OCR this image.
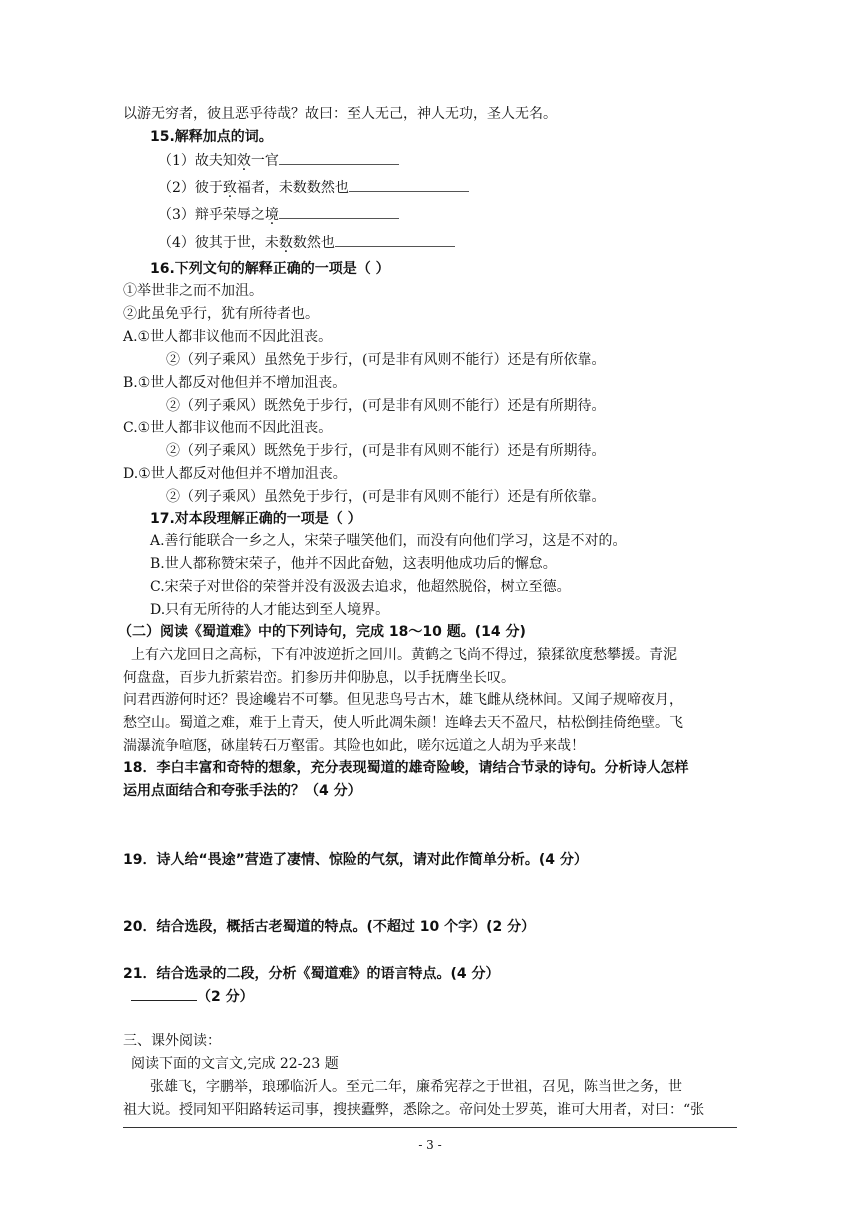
以游无穷者，彼且恶乎待哉？故曰：至人无己，神人无功，圣人无名。
15.解释加点的词。
（1）故夫知效一官
（2）彼于致福者，未数数然也
（3）辩乎荣辱之境
（4）彼其于世，未数数然也
16.下列文句的解释正确的一项是（ ）
①举世非之而不加沮。
②此虽免乎行，犹有所待者也。
A.①世人都非议他而不因此沮丧。
②（列子乘风）虽然免于步行，(可是非有风则不能行）还是有所依靠。
B.①世人都反对他但并不增加沮丧。
②（列子乘风）既然免于步行，(可是非有风则不能行）还是有所期待。
C.①世人都非议他而不因此沮丧。
②（列子乘风）既然免于步行，(可是非有风则不能行）还是有所期待。
D.①世人都反对他但并不增加沮丧。
②（列子乘风）虽然免于步行，(可是非有风则不能行）还是有所依靠。
17.对本段理解正确的一项是（ ）
A.善行能联合一乡之人，宋荣子嗤笑他们，而没有向他们学习，这是不对的。
B.世人都称赞宋荣子，他并不因此奋勉，这表明他成功后的懈怠。
C.宋荣子对世俗的荣誉并没有汲汲去追求，他超然脱俗，树立至德。
D.只有无所待的人才能达到至人境界。
（二）阅读《蜀道难》中的下列诗句，完成 18～10 题。(14 分)
上有六龙回日之高标，下有冲波逆折之回川。黄鹤之飞尚不得过，猿猱欲度愁攀援。青泥
何盘盘，百步九折萦岩峦。扪参历井仰胁息，以手抚膺坐长叹。
问君西游何时还？畏途巉岩不可攀。但见悲鸟号古木，雄飞雌从绕林间。又闻子规啼夜月，
愁空山。蜀道之难，难于上青天，使人听此凋朱颜！连峰去天不盈尺，枯松倒挂倚绝壁。飞
湍瀑流争喧豗，砯崖转石万壑雷。其险也如此，嗟尔远道之人胡为乎来哉！
18．李白丰富和奇特的想象，充分表现蜀道的雄奇险峻，请结合节录的诗句。分析诗人怎样
运用点面结合和夸张手法的？（4 分）
19．诗人给“畏途”营造了凄情、惊险的气氛，请对此作简单分析。(4 分）
20．结合选段，概括古老蜀道的特点。(不超过 10 个字）(2 分）
21．结合选录的二段，分析《蜀道难》的语言特点。(4 分）
（2 分）
三、课外阅读：
阅读下面的文言文,完成 22-23 题
张雄飞，字鹏举，琅琊临沂人。至元二年，廉希宪荐之于世祖，召见，陈当世之务，世
祖大说。授同知平阳路转运司事，搜挟蠹弊，悉除之。帝问处士罗英，谁可大用者，对曰：“张
- 3 -
